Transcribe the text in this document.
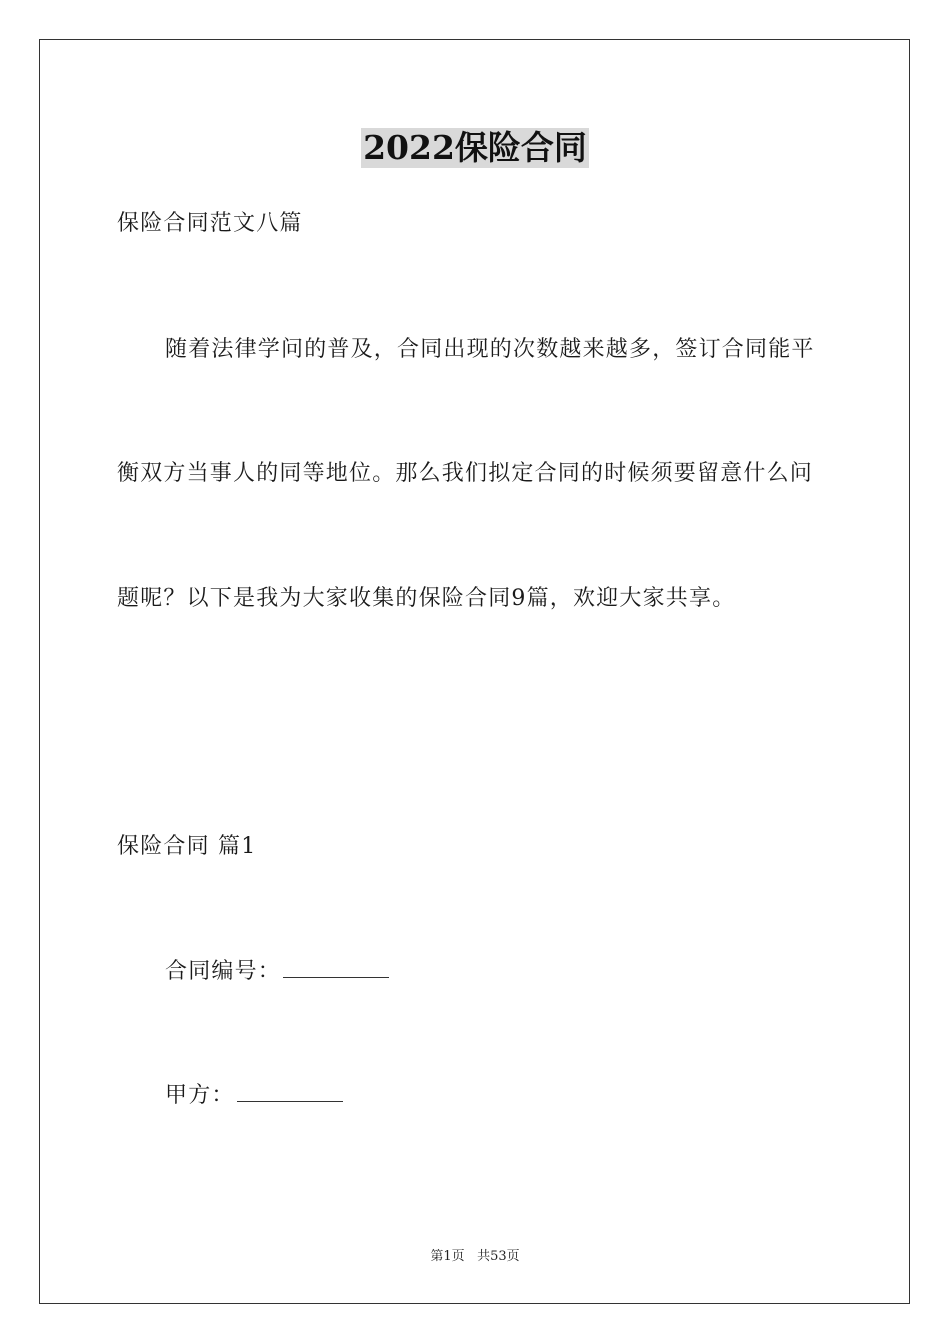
2022保险合同
保险合同范文八篇
随着法律学问的普及，合同出现的次数越来越多，签订合同能平
衡双方当事人的同等地位。那么我们拟定合同的时候须要留意什么问
题呢？以下是我为大家收集的保险合同9篇，欢迎大家共享。
保险合同 篇1
合同编号：
甲方：
第1页 共53页
